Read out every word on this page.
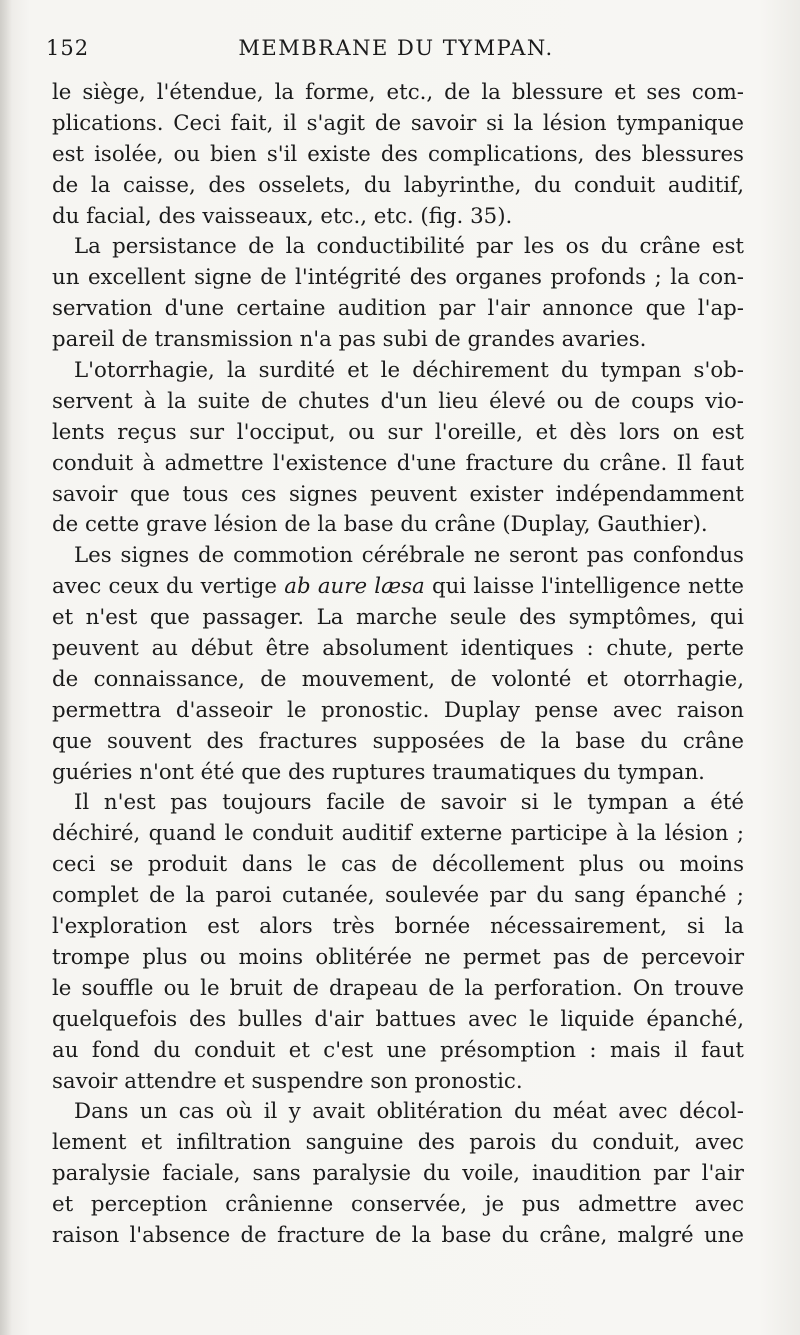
152	MEMBRANE DU TYMPAN.
le siège, l'étendue, la forme, etc., de la blessure et ses com-
plications. Ceci fait, il s'agit de savoir si la lésion tympanique
est isolée, ou bien s'il existe des complications, des blessures
de la caisse, des osselets, du labyrinthe, du conduit auditif,
du facial, des vaisseaux, etc., etc. (fig. 35).
La persistance de la conductibilité par les os du crâne est
un excellent signe de l'intégrité des organes profonds ; la con-
servation d'une certaine audition par l'air annonce que l'ap-
pareil de transmission n'a pas subi de grandes avaries.
L'otorrhagie, la surdité et le déchirement du tympan s'ob-
servent à la suite de chutes d'un lieu élevé ou de coups vio-
lents reçus sur l'occiput, ou sur l'oreille, et dès lors on est
conduit à admettre l'existence d'une fracture du crâne. Il faut
savoir que tous ces signes peuvent exister indépendamment
de cette grave lésion de la base du crâne (Duplay, Gauthier).
Les signes de commotion cérébrale ne seront pas confondus
avec ceux du vertige ab aure læsa qui laisse l'intelligence nette
et n'est que passager. La marche seule des symptômes, qui
peuvent au début être absolument identiques : chute, perte
de connaissance, de mouvement, de volonté et otorrhagie,
permettra d'asseoir le pronostic. Duplay pense avec raison
que souvent des fractures supposées de la base du crâne
guéries n'ont été que des ruptures traumatiques du tympan.
Il n'est pas toujours facile de savoir si le tympan a été
déchiré, quand le conduit auditif externe participe à la lésion ;
ceci se produit dans le cas de décollement plus ou moins
complet de la paroi cutanée, soulevée par du sang épanché ;
l'exploration est alors très bornée nécessairement, si la
trompe plus ou moins oblitérée ne permet pas de percevoir
le souffle ou le bruit de drapeau de la perforation. On trouve
quelquefois des bulles d'air battues avec le liquide épanché,
au fond du conduit et c'est une présomption : mais il faut
savoir attendre et suspendre son pronostic.
Dans un cas où il y avait oblitération du méat avec décol-
lement et infiltration sanguine des parois du conduit, avec
paralysie faciale, sans paralysie du voile, inaudition par l'air
et perception crânienne conservée, je pus admettre avec
raison l'absence de fracture de la base du crâne, malgré une
